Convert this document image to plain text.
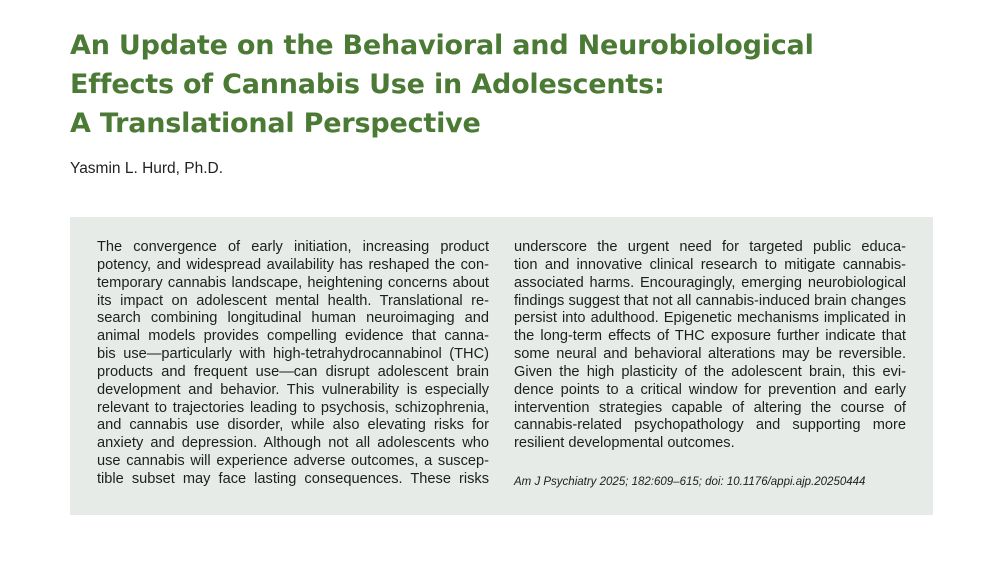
An Update on the Behavioral and Neurobiological
Effects of Cannabis Use in Adolescents:
A Translational Perspective
Yasmin L. Hurd, Ph.D.
The convergence of early initiation, increasing product
potency, and widespread availability has reshaped the con-
temporary cannabis landscape, heightening concerns about
its impact on adolescent mental health. Translational re-
search combining longitudinal human neuroimaging and
animal models provides compelling evidence that canna-
bis use—particularly with high-tetrahydrocannabinol (THC)
products and frequent use—can disrupt adolescent brain
development and behavior. This vulnerability is especially
relevant to trajectories leading to psychosis, schizophrenia,
and cannabis use disorder, while also elevating risks for
anxiety and depression. Although not all adolescents who
use cannabis will experience adverse outcomes, a suscep-
tible subset may face lasting consequences. These risks
underscore the urgent need for targeted public educa-
tion and innovative clinical research to mitigate cannabis-
associated harms. Encouragingly, emerging neurobiological
findings suggest that not all cannabis-induced brain changes
persist into adulthood. Epigenetic mechanisms implicated in
the long-term effects of THC exposure further indicate that
some neural and behavioral alterations may be reversible.
Given the high plasticity of the adolescent brain, this evi-
dence points to a critical window for prevention and early
intervention strategies capable of altering the course of
cannabis-related psychopathology and supporting more
resilient developmental outcomes.
Am J Psychiatry 2025; 182:609–615; doi: 10.1176/appi.ajp.20250444
